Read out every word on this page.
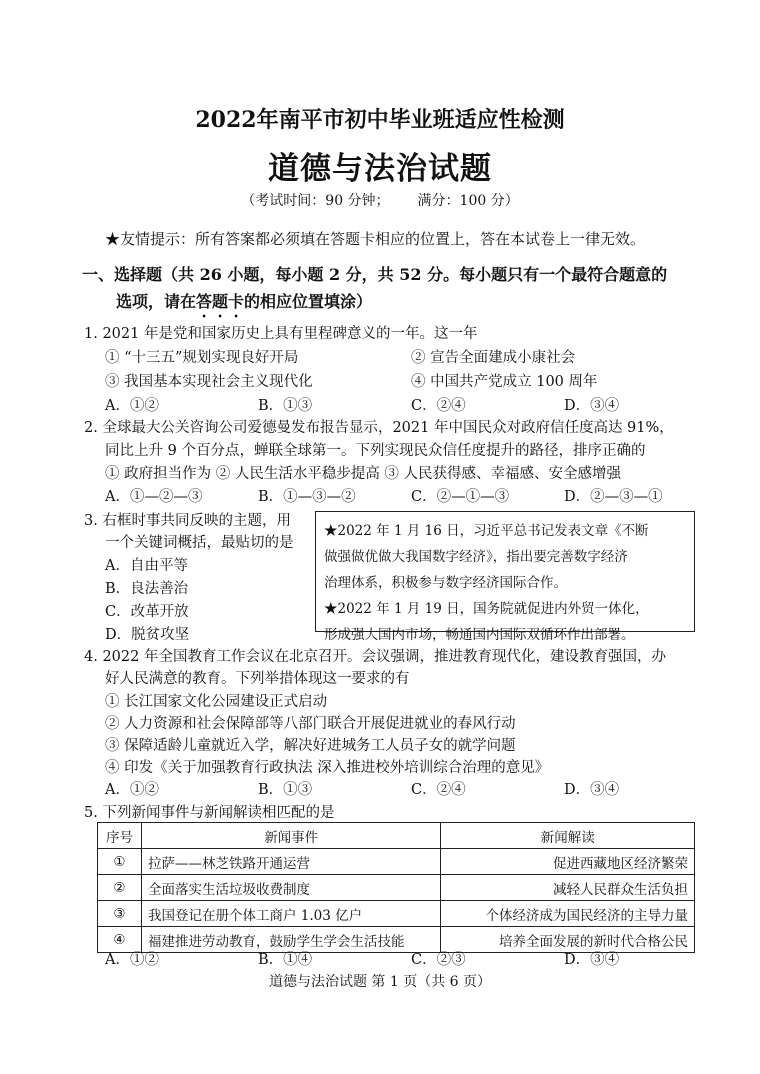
2022年南平市初中毕业班适应性检测
道德与法治试题
（考试时间：90 分钟； 满分：100 分）
★友情提示：所有答案都必须填在答题卡相应的位置上，答在本试卷上一律无效。
一、选择题（共 26 小题，每小题 2 分，共 52 分。每小题只有一个最符合题意的
选项，请在答题卡的相应位置填涂）
1. 2021 年是党和国家历史上具有里程碑意义的一年。这一年
① “十三五”规划实现良好开局	② 宣告全面建成小康社会
③ 我国基本实现社会主义现代化	④ 中国共产党成立 100 周年
A．①②	B．①③	C．②④	D．③④
2. 全球最大公关咨询公司爱德曼发布报告显示，2021 年中国民众对政府信任度高达 91%，
同比上升 9 个百分点，蝉联全球第一。下列实现民众信任度提升的路径，排序正确的
① 政府担当作为 ② 人民生活水平稳步提高 ③ 人民获得感、幸福感、安全感增强
A．①—②—③	B．①—③—②	C．②—①—③	D．②—③—①
3. 右框时事共同反映的主题，用
一个关键词概括，最贴切的是
A．自由平等
B．良法善治
C．改革开放
D．脱贫攻坚

★2022 年 1 月 16 日，习近平总书记发表文章《不断

做强做优做大我国数字经济》，指出要完善数字经济

治理体系，积极参与数字经济国际合作。

★2022 年 1 月 19 日，国务院就促进内外贸一体化，

形成强大国内市场，畅通国内国际双循环作出部署。

4. 2022 年全国教育工作会议在北京召开。会议强调，推进教育现代化，建设教育强国，办
好人民满意的教育。下列举措体现这一要求的有
① 长江国家文化公园建设正式启动
② 人力资源和社会保障部等八部门联合开展促进就业的春风行动
③ 保障适龄儿童就近入学，解决好进城务工人员子女的就学问题
④ 印发《关于加强教育行政执法 深入推进校外培训综合治理的意见》
A．①②	B．①③	C．②④	D．③④
5. 下列新闻事件与新闻解读相匹配的是
序号	新闻事件	新闻解读
①	拉萨——林芝铁路开通运营	促进西藏地区经济繁荣
②	全面落实生活垃圾收费制度	减轻人民群众生活负担
③	我国登记在册个体工商户 1.03 亿户	个体经济成为国民经济的主导力量
④	福建推进劳动教育，鼓励学生学会生活技能	培养全面发展的新时代合格公民
A．①②	B．①④	C．②③	D．③④
道德与法治试题 第 1 页（共 6 页）
